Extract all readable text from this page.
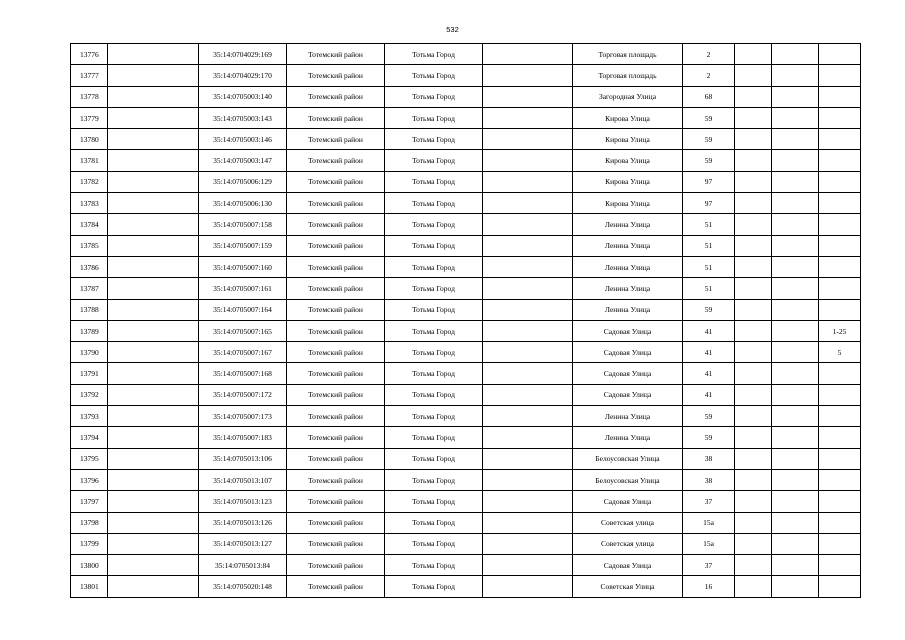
532
13776		35:14:0704029:169	Тотемский район	Тотьма Город		Торговая площадь	2			
13777		35:14:0704029:170	Тотемский район	Тотьма Город		Торговая площадь	2			
13778		35:14:0705003:140	Тотемский район	Тотьма Город		Загородная Улица	68			
13779		35:14:0705003:143	Тотемский район	Тотьма Город		Кирова Улица	59			
13780		35:14:0705003:146	Тотемский район	Тотьма Город		Кирова Улица	59			
13781		35:14:0705003:147	Тотемский район	Тотьма Город		Кирова Улица	59			
13782		35:14:0705006:129	Тотемский район	Тотьма Город		Кирова Улица	97			
13783		35:14:0705006:130	Тотемский район	Тотьма Город		Кирова Улица	97			
13784		35:14:0705007:158	Тотемский район	Тотьма Город		Ленина Улица	51			
13785		35:14:0705007:159	Тотемский район	Тотьма Город		Ленина Улица	51			
13786		35:14:0705007:160	Тотемский район	Тотьма Город		Ленина Улица	51			
13787		35:14:0705007:161	Тотемский район	Тотьма Город		Ленина Улица	51			
13788		35:14:0705007:164	Тотемский район	Тотьма Город		Ленина Улица	59			
13789		35:14:0705007:165	Тотемский район	Тотьма Город		Садовая Улица	41			1-25
13790		35:14:0705007:167	Тотемский район	Тотьма Город		Садовая Улица	41			5
13791		35:14:0705007:168	Тотемский район	Тотьма Город		Садовая Улица	41			
13792		35:14:0705007:172	Тотемский район	Тотьма Город		Садовая Улица	41			
13793		35:14:0705007:173	Тотемский район	Тотьма Город		Ленина Улица	59			
13794		35:14:0705007:183	Тотемский район	Тотьма Город		Ленина Улица	59			
13795		35:14:0705013:106	Тотемский район	Тотьма Город		Белоусовская Улица	38			
13796		35:14:0705013:107	Тотемский район	Тотьма Город		Белоусовская Улица	38			
13797		35:14:0705013:123	Тотемский район	Тотьма Город		Садовая Улица	37			
13798		35:14:0705013:126	Тотемский район	Тотьма Город		Советская улица	15а			
13799		35:14:0705013:127	Тотемский район	Тотьма Город		Советская улица	15а			
13800		35:14:0705013:84	Тотемский район	Тотьма Город		Садовая Улица	37			
13801		35:14:0705020:148	Тотемский район	Тотьма Город		Советская Улица	16			
